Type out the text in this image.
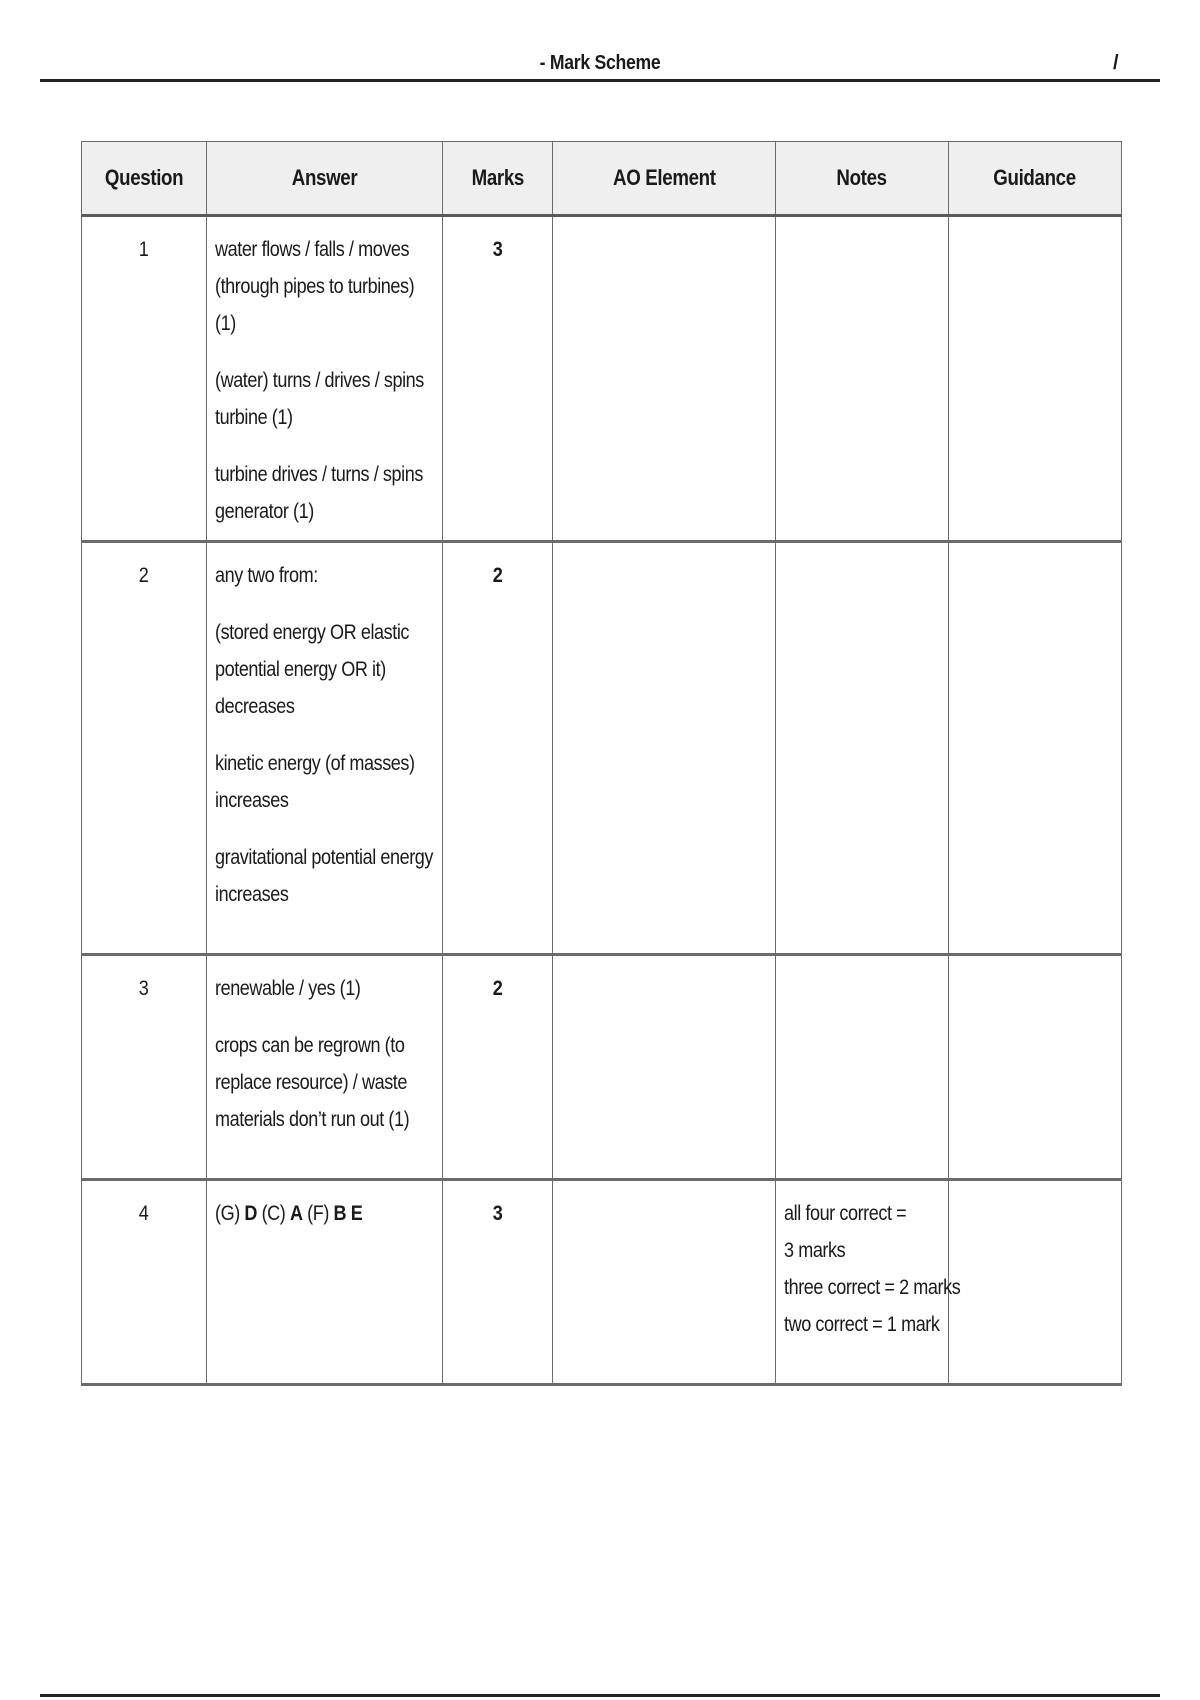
- Mark Scheme	/
Question	Answer	Marks	AO Element	Notes	Guidance
1	water flows / falls / moves (through pipes to turbines) (1)
(water) turns / drives / spins turbine (1)
turbine drives / turns / spins generator (1)	3			
2	any two from:
(stored energy OR elastic potential energy OR it) decreases
kinetic energy (of masses) increases
gravitational potential energy increases	2			
3	renewable / yes (1)
crops can be regrown (to replace resource) / waste materials don’t run out (1)	2			
4	(G) D (C) A (F) B E	3		all four correct = 3 marks
three correct = 2 marks
two correct = 1 mark	
